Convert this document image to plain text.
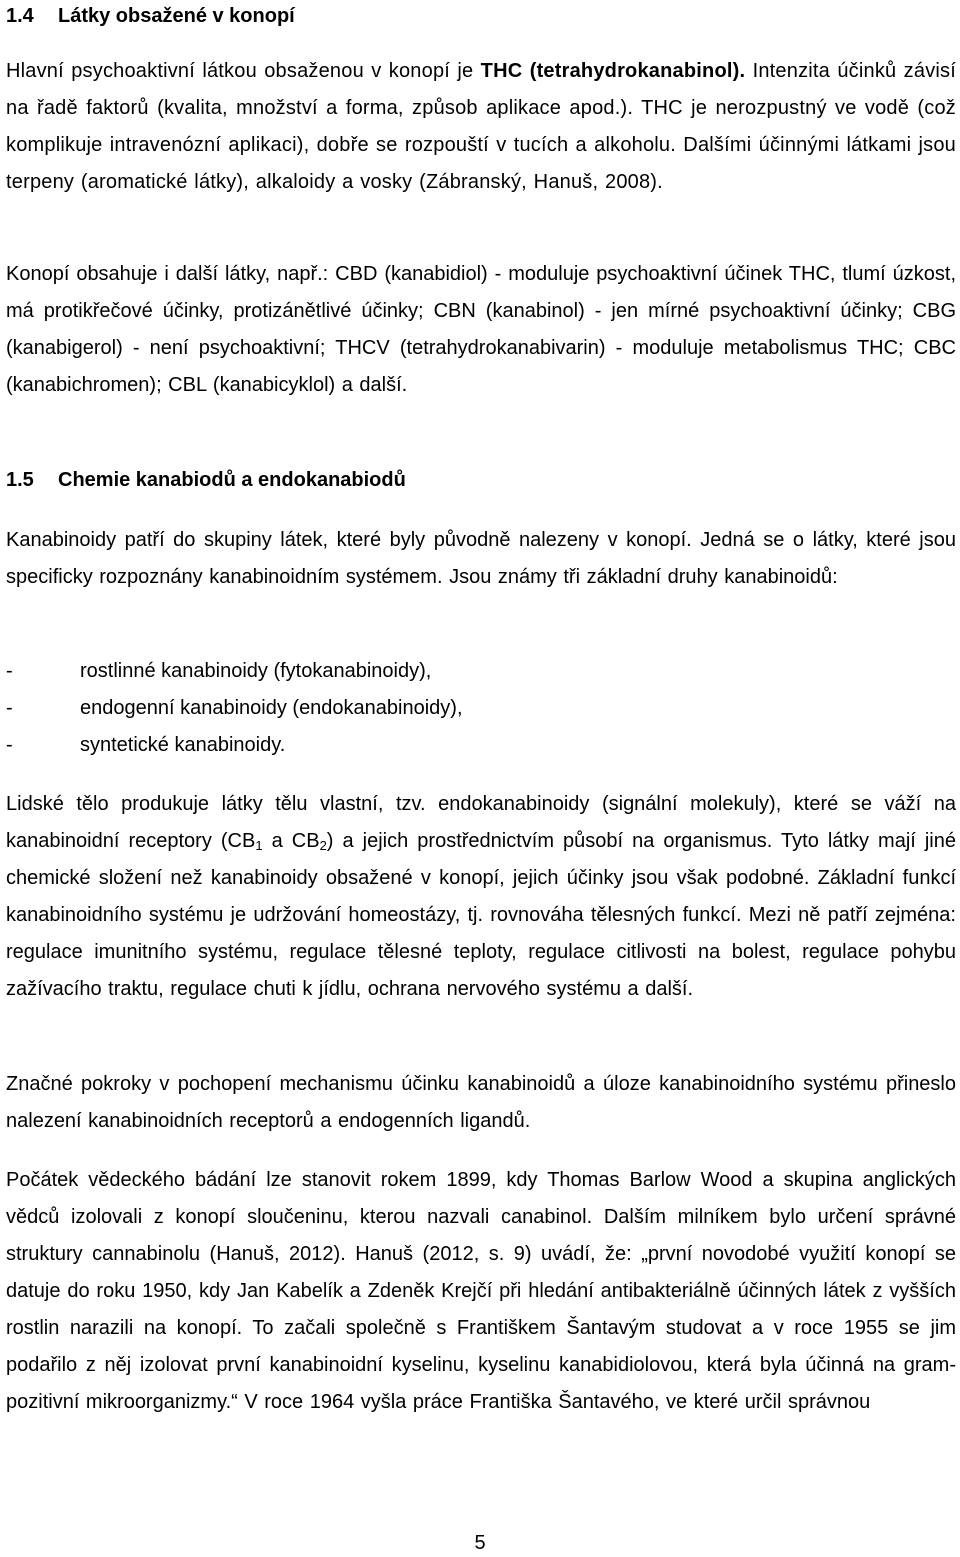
1.4 Látky obsažené v konopí
Hlavní psychoaktivní látkou obsaženou v konopí je THC (tetrahydrokanabinol). Intenzita účinků závisí na řadě faktorů (kvalita, množství a forma, způsob aplikace apod.). THC je nerozpustný ve vodě (což komplikuje intravenózní aplikaci), dobře se rozpouští v tucích a alkoholu. Dalšími účinnými látkami jsou terpeny (aromatické látky), alkaloidy a vosky (Zábranský, Hanuš, 2008).
Konopí obsahuje i další látky, např.: CBD (kanabidiol) - moduluje psychoaktivní účinek THC, tlumí úzkost, má protikřečové účinky, protizánětlivé účinky; CBN (kanabinol) - jen mírné psychoaktivní účinky; CBG (kanabigerol) - není psychoaktivní; THCV (tetrahydrokanabivarin) - moduluje metabolismus THC; CBC (kanabichromen); CBL (kanabicyklol) a další.
1.5 Chemie kanabiodů a endokanabiodů
Kanabinoidy patří do skupiny látek, které byly původně nalezeny v konopí. Jedná se o látky, které jsou specificky rozpoznány kanabinoidním systémem. Jsou známy tři základní druhy kanabinoidů:
-	rostlinné kanabinoidy (fytokanabinoidy),
-	endogenní kanabinoidy (endokanabinoidy),
-	syntetické kanabinoidy.
Lidské tělo produkuje látky tělu vlastní, tzv. endokanabinoidy (signální molekuly), které se váží na kanabinoidní receptory ($CB_1$ a $CB_2$) a jejich prostřednictvím působí na organismus. Tyto látky mají jiné chemické složení než kanabinoidy obsažené v konopí, jejich účinky jsou však podobné. Základní funkcí kanabinoidního systému je udržování homeostázy, tj. rovnováha tělesných funkcí. Mezi ně patří zejména: regulace imunitního systému, regulace tělesné teploty, regulace citlivosti na bolest, regulace pohybu zažívacího traktu, regulace chuti k jídlu, ochrana nervového systému a další.
Značné pokroky v pochopení mechanismu účinku kanabinoidů a úloze kanabinoidního systému přineslo nalezení kanabinoidních receptorů a endogenních ligandů.
Počátek vědeckého bádání lze stanovit rokem 1899, kdy Thomas Barlow Wood a skupina anglických vědců izolovali z konopí sloučeninu, kterou nazvali canabinol. Dalším milníkem bylo určení správné struktury cannabinolu (Hanuš, 2012). Hanuš (2012, s. 9) uvádí, že: „první novodobé využití konopí se datuje do roku 1950, kdy Jan Kabelík a Zdeněk Krejčí při hledání antibakteriálně účinných látek z vyšších rostlin narazili na konopí. To začali společně s Františkem Šantavým studovat a v roce 1955 se jim podařilo z něj izolovat první kanabinoidní kyselinu, kyselinu kanabidiolovou, která byla účinná na gram-pozitivní mikroorganizmy.“ V roce 1964 vyšla práce Františka Šantavého, ve které určil správnou
5
